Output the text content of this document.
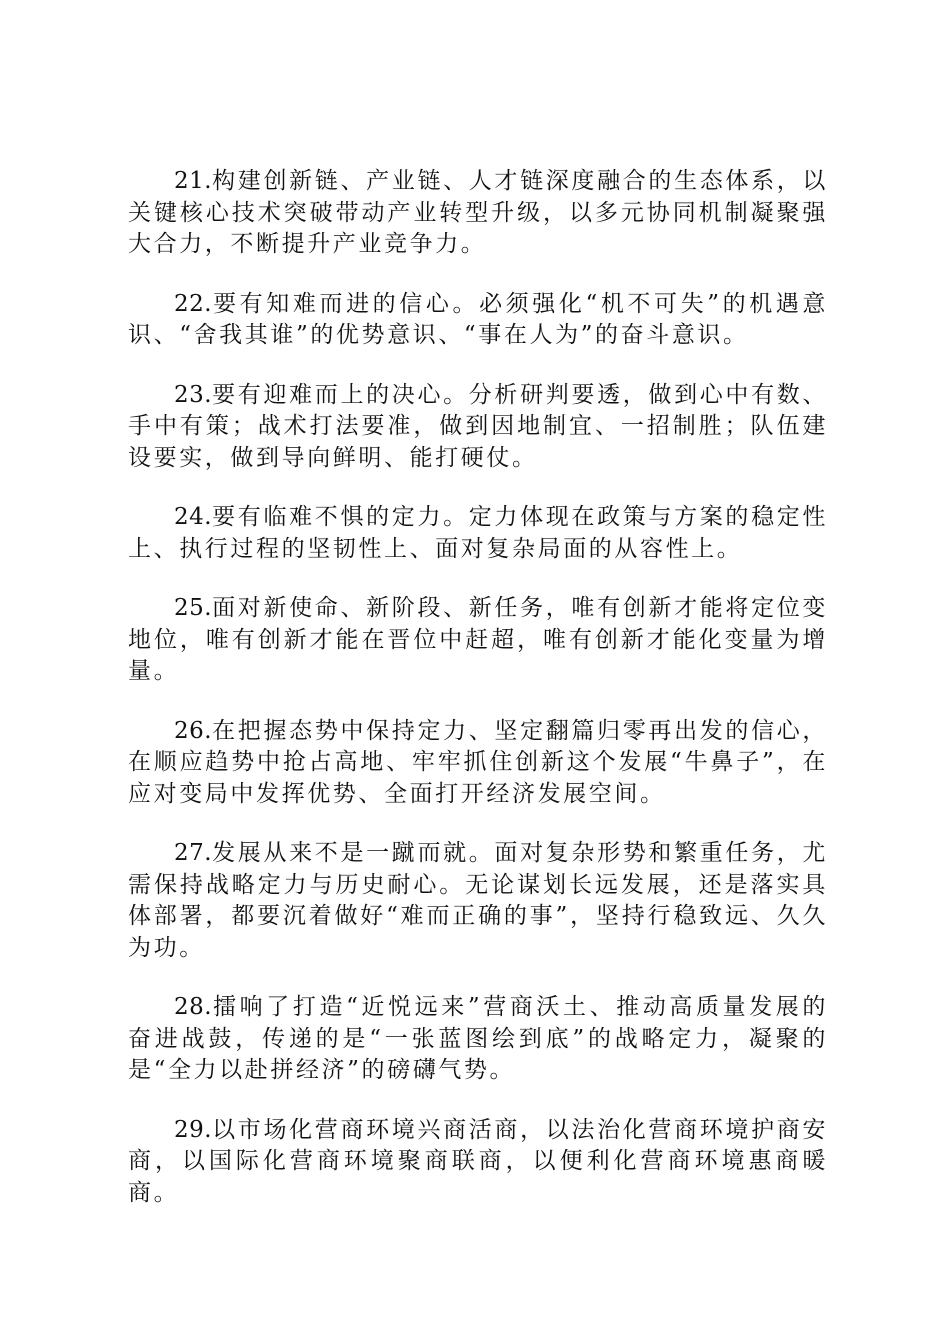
21.构建创新链、产业链、人才链深度融合的生态体系，以关键核心技术突破带动产业转型升级，以多元协同机制凝聚强大合力，不断提升产业竞争力。

22.要有知难而进的信心。必须强化“机不可失”的机遇意识、“舍我其谁”的优势意识、“事在人为”的奋斗意识。

23.要有迎难而上的决心。分析研判要透，做到心中有数、手中有策；战术打法要准，做到因地制宜、一招制胜；队伍建设要实，做到导向鲜明、能打硬仗。

24.要有临难不惧的定力。定力体现在政策与方案的稳定性上、执行过程的坚韧性上、面对复杂局面的从容性上。

25.面对新使命、新阶段、新任务，唯有创新才能将定位变地位，唯有创新才能在晋位中赶超，唯有创新才能化变量为增量。

26.在把握态势中保持定力、坚定翻篇归零再出发的信心，在顺应趋势中抢占高地、牢牢抓住创新这个发展“牛鼻子”，在应对变局中发挥优势、全面打开经济发展空间。

27.发展从来不是一蹴而就。面对复杂形势和繁重任务，尤需保持战略定力与历史耐心。无论谋划长远发展，还是落实具体部署，都要沉着做好“难而正确的事”，坚持行稳致远、久久为功。

28.擂响了打造“近悦远来”营商沃土、推动高质量发展的奋进战鼓，传递的是“一张蓝图绘到底”的战略定力，凝聚的是“全力以赴拼经济”的磅礴气势。

29.以市场化营商环境兴商活商，以法治化营商环境护商安商，以国际化营商环境聚商联商，以便利化营商环境惠商暖商。
